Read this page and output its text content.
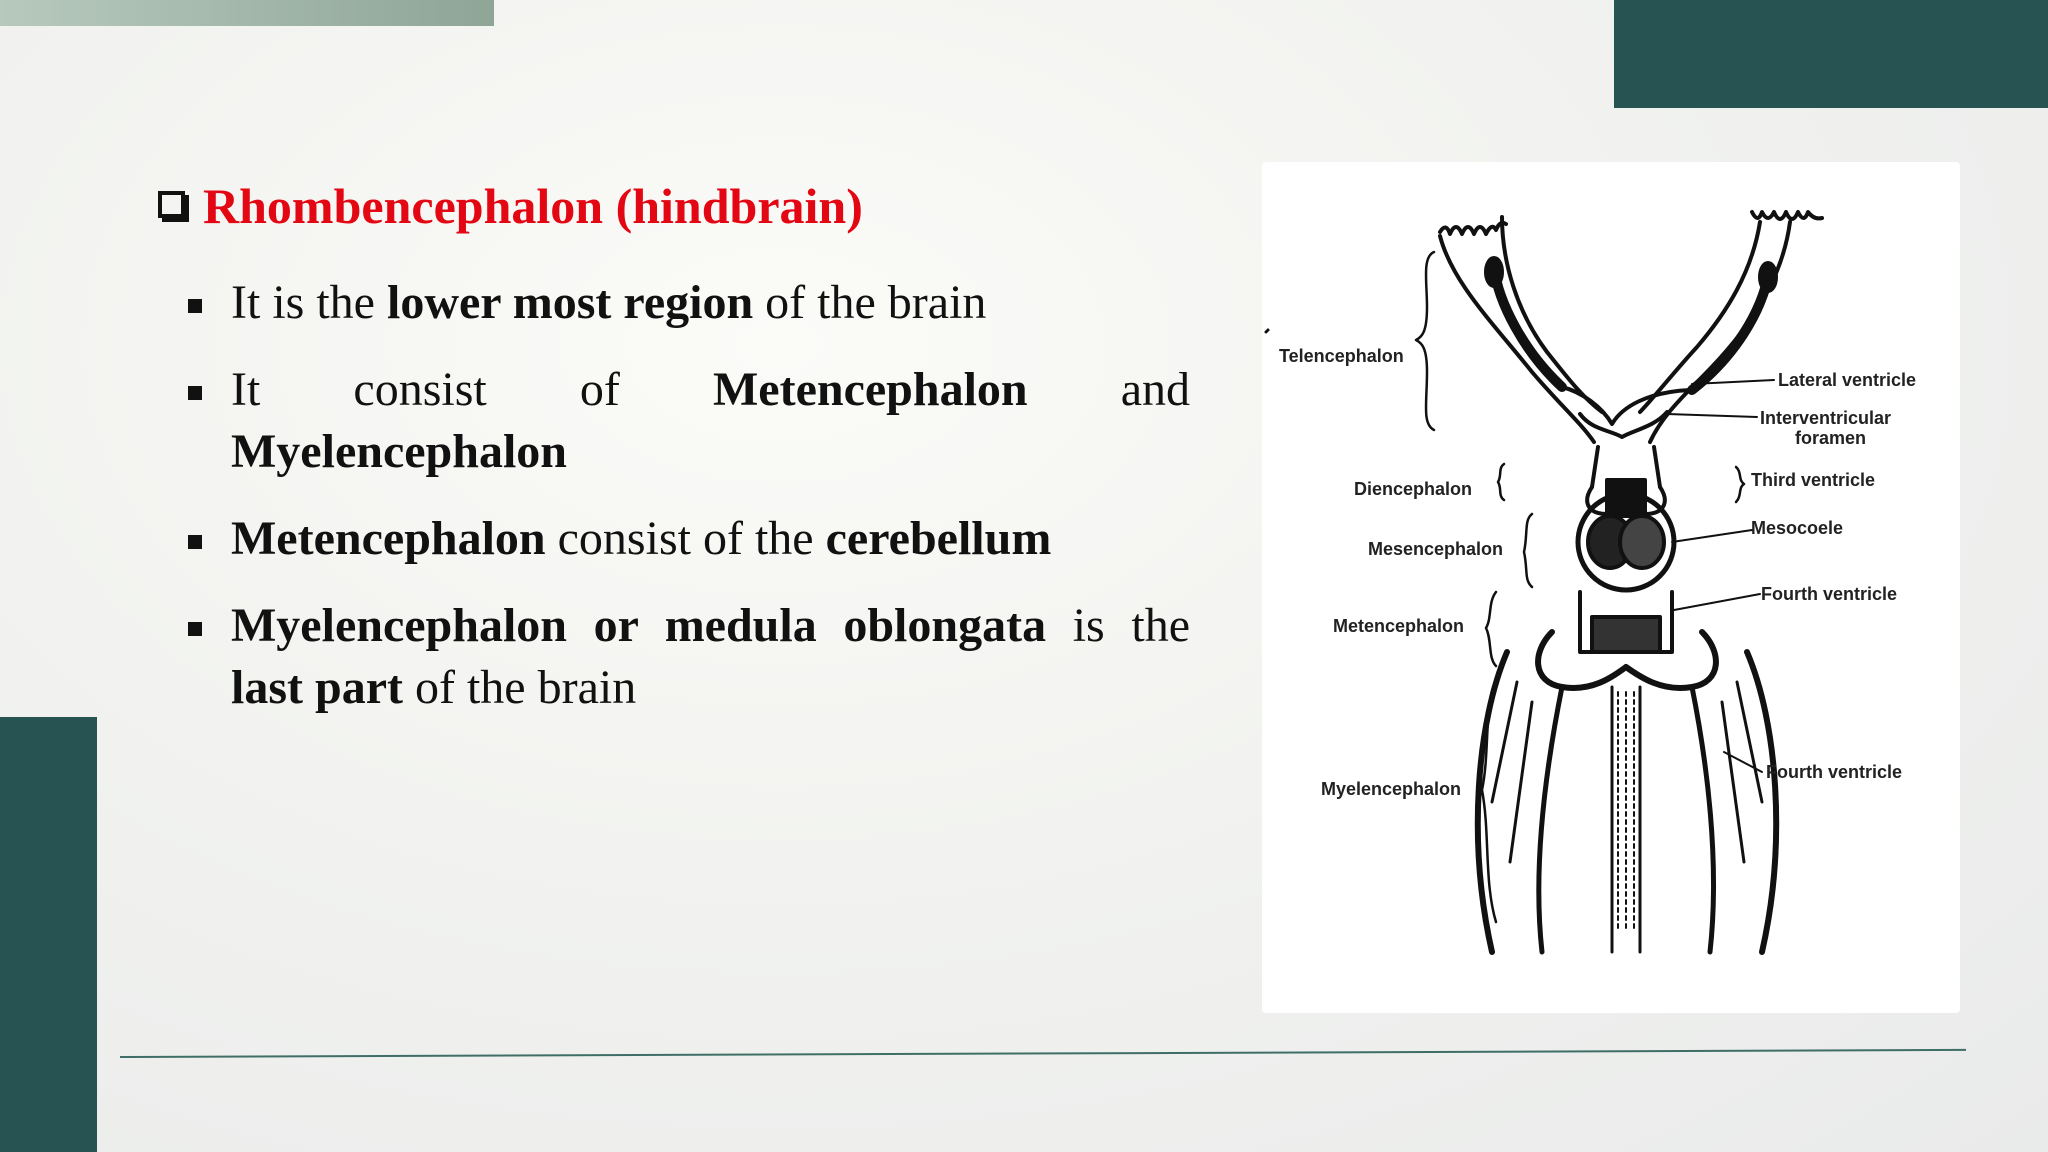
Rhombencephalon (hindbrain)
It is the lower most region of the brain
It consist of Metencephalon and Myelencephalon
Metencephalon consist of the cerebellum
Myelencephalon or medula oblongata is the last part of the brain
Telencephalon
Diencephalon
Mesencephalon
Metencephalon
Myelencephalon
Lateral ventricle
Interventricular
foramen
Third ventricle
Mesocoele
Fourth ventricle
Fourth ventricle
